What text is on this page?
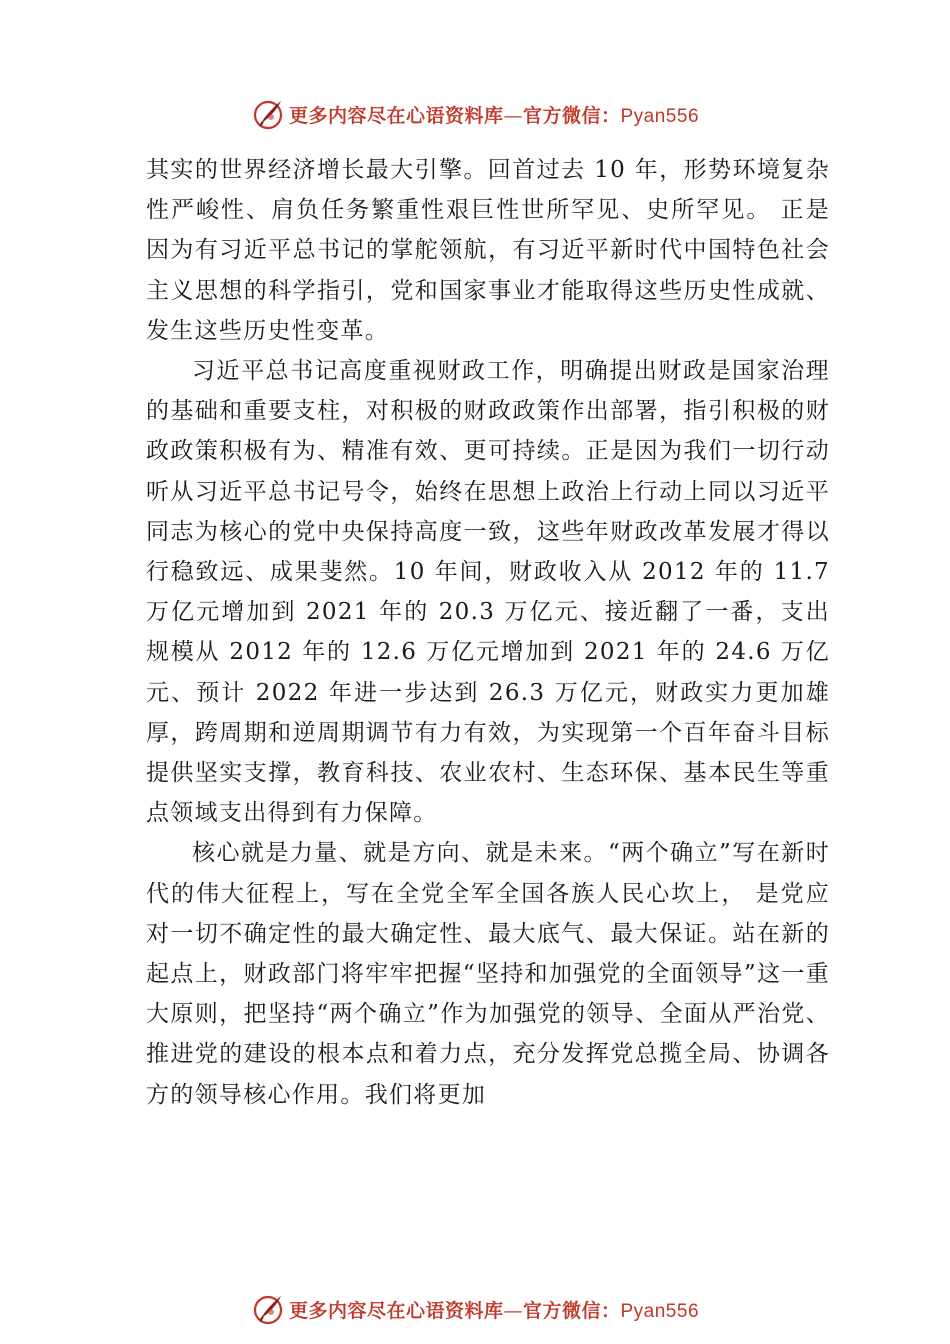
更多内容尽在心语资料库—官方微信：Pyan556

其实的世界经济增长最大引擎。回首过去 10 年，形势环境复杂性严峻性、肩负任务繁重性艰巨性世所罕见、史所罕见。 正是因为有习近平总书记的掌舵领航，有习近平新时代中国特色社会主义思想的科学指引，党和国家事业才能取得这些历史性成就、发生这些历史性变革。

习近平总书记高度重视财政工作，明确提出财政是国家治理的基础和重要支柱，对积极的财政政策作出部署，指引积极的财政政策积极有为、精准有效、更可持续。正是因为我们一切行动听从习近平总书记号令，始终在思想上政治上行动上同以习近平同志为核心的党中央保持高度一致，这些年财政改革发展才得以行稳致远、成果斐然。10 年间，财政收入从 2012 年的 11.7 万亿元增加到 2021 年的 20.3 万亿元、接近翻了一番，支出规模从 2012 年的 12.6 万亿元增加到 2021 年的 24.6 万亿元、预计 2022 年进一步达到 26.3 万亿元，财政实力更加雄厚，跨周期和逆周期调节有力有效，为实现第一个百年奋斗目标提供坚实支撑，教育科技、农业农村、生态环保、基本民生等重点领域支出得到有力保障。

核心就是力量、就是方向、就是未来。“两个确立”写在新时代的伟大征程上，写在全党全军全国各族人民心坎上， 是党应对一切不确定性的最大确定性、最大底气、最大保证。站在新的起点上，财政部门将牢牢把握“坚持和加强党的全面领导”这一重大原则，把坚持“两个确立”作为加强党的领导、全面从严治党、推进党的建设的根本点和着力点，充分发挥党总揽全局、协调各方的领导核心作用。我们将更加

更多内容尽在心语资料库—官方微信：Pyan556
